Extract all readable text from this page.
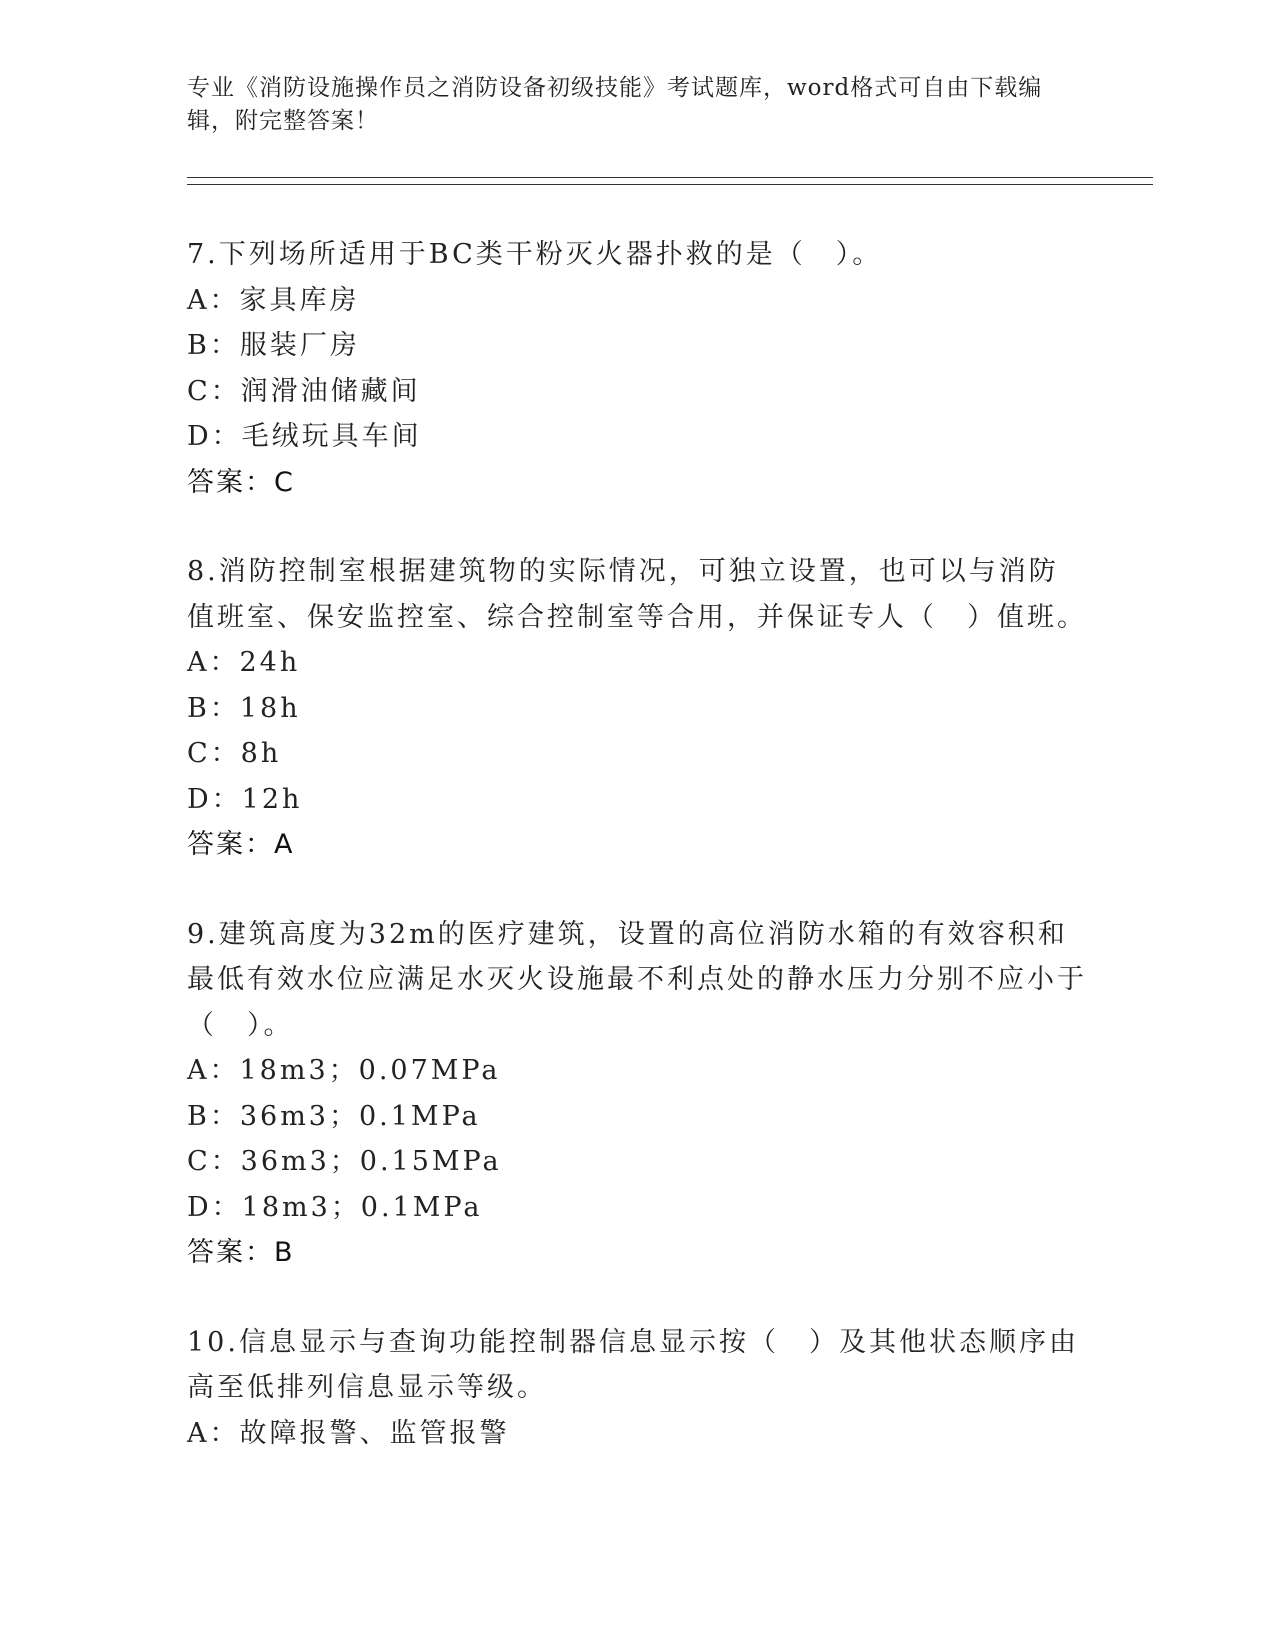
专业《消防设施操作员之消防设备初级技能》考试题库，word格式可自由下载编辑，附完整答案！

7.下列场所适用于BC类干粉灭火器扑救的是（　）。

A：家具库房

B：服装厂房

C：润滑油储藏间

D：毛绒玩具车间

答案：C

8.消防控制室根据建筑物的实际情况，可独立设置，也可以与消防值班室、保安监控室、综合控制室等合用，并保证专人（　）值班。

A：24h

B：18h

C：8h

D：12h

答案：A

9.建筑高度为32m的医疗建筑，设置的高位消防水箱的有效容积和最低有效水位应满足水灭火设施最不利点处的静水压力分别不应小于（　）。

A：18m3；0.07MPa

B：36m3；0.1MPa

C：36m3；0.15MPa

D：18m3；0.1MPa

答案：B

10.信息显示与查询功能控制器信息显示按（　）及其他状态顺序由高至低排列信息显示等级。

A：故障报警、监管报警
